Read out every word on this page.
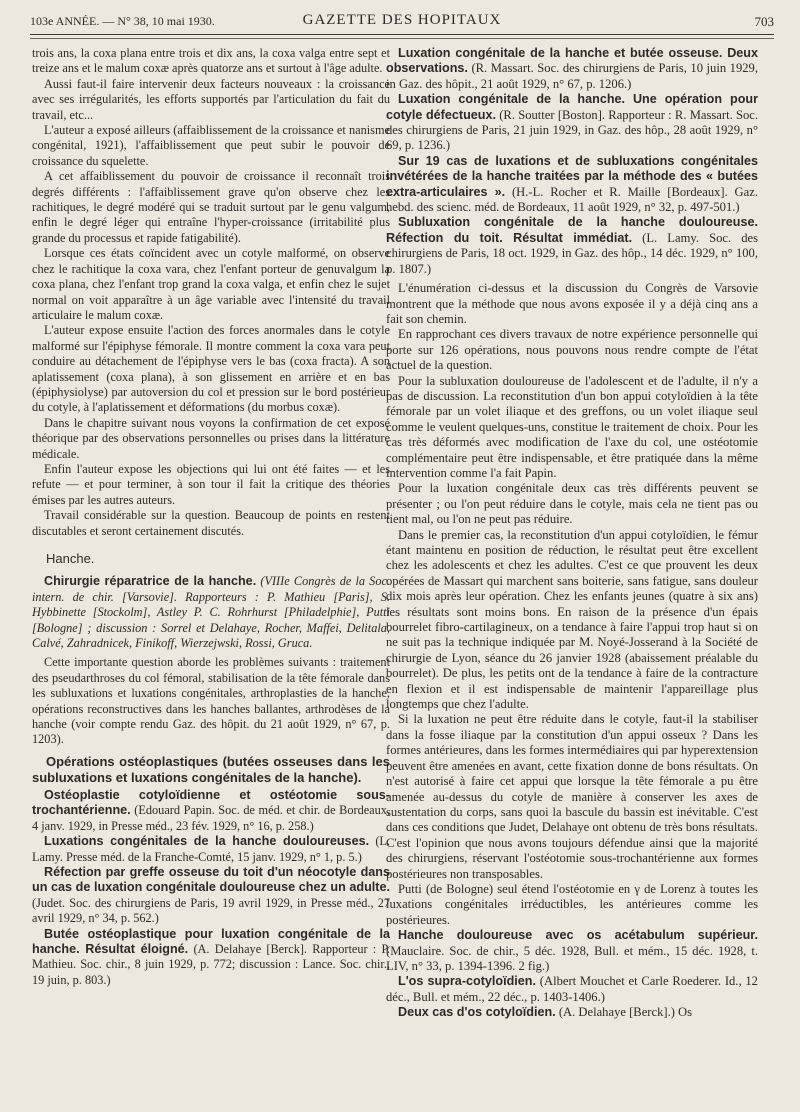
103e ANNÉE. — N° 38, 10 mai 1930.	GAZETTE DES HOPITAUX	703

trois ans, la coxa plana entre trois et dix ans, la coxa valga entre sept et treize ans et le malum coxæ après quatorze ans et surtout à l'âge adulte.

Aussi faut-il faire intervenir deux facteurs nouveaux : la croissance avec ses irrégularités, les efforts supportés par l'articulation du fait du travail, etc...

L'auteur a exposé ailleurs (affaiblissement de la croissance et nanisme congénital, 1921), l'affaiblissement que peut subir le pouvoir de croissance du squelette.

A cet affaiblissement du pouvoir de croissance il reconnaît trois degrés différents : l'affaiblissement grave qu'on observe chez les rachitiques, le degré modéré qui se traduit surtout par le genu valgum, enfin le degré léger qui entraîne l'hyper-croissance (irritabilité plus grande du processus et rapide fatigabilité).

Lorsque ces états coïncident avec un cotyle malformé, on observe chez le rachitique la coxa vara, chez l'enfant porteur de genuvalgum la coxa plana, chez l'enfant trop grand la coxa valga, et enfin chez le sujet normal on voit apparaître à un âge variable avec l'intensité du travail articulaire le malum coxæ.

L'auteur expose ensuite l'action des forces anormales dans le cotyle malformé sur l'épiphyse fémorale. Il montre comment la coxa vara peut conduire au détachement de l'épiphyse vers le bas (coxa fracta). A son aplatissement (coxa plana), à son glissement en arrière et en bas (épiphysiolyse) par autoversion du col et pression sur le bord postérieur du cotyle, à l'aplatissement et déformations (du morbus coxæ).

Dans le chapitre suivant nous voyons la confirmation de cet exposé théorique par des observations personnelles ou prises dans la littérature médicale.

Enfin l'auteur expose les objections qui lui ont été faites — et les refute — et pour terminer, à son tour il fait la critique des théories émises par les autres auteurs.

Travail considérable sur la question. Beaucoup de points en restent discutables et seront certainement discutés.

Hanche.

Chirurgie réparatrice de la hanche. (VIIIe Congrès de la Soc. intern. de chir. [Varsovie]. Rapporteurs : P. Mathieu [Paris], S. Hybbinette [Stockolm], Astley P. C. Rohrhurst [Philadelphie], Putti [Bologne] ; discussion : Sorrel et Delahaye, Rocher, Maffei, Delitala, Calvé, Zahradnicek, Finikoff, Wierzejwski, Rossi, Gruca.

Cette importante question aborde les problèmes suivants : traitement des pseudarthroses du col fémoral, stabilisation de la tête fémorale dans les subluxations et luxations congénitales, arthroplasties de la hanche, opérations reconstructives dans les hanches ballantes, arthrodèses de la hanche (voir compte rendu Gaz. des hôpit. du 21 août 1929, n° 67, p. 1203).

Opérations ostéoplastiques (butées osseuses dans les subluxations et luxations congénitales de la hanche).

Ostéoplastie cotyloïdienne et ostéotomie sous-trochantérienne. (Edouard Papin. Soc. de méd. et chir. de Bordeaux, 4 janv. 1929, in Presse méd., 23 fév. 1929, n° 16, p. 258.)

Luxations congénitales de la hanche douloureuses. (L. Lamy. Presse méd. de la Franche-Comté, 15 janv. 1929, n° 1, p. 5.)

Réfection par greffe osseuse du toit d'un néocotyle dans un cas de luxation congénitale douloureuse chez un adulte. (Judet. Soc. des chirurgiens de Paris, 19 avril 1929, in Presse méd., 27 avril 1929, n° 34, p. 562.)

Butée ostéoplastique pour luxation congénitale de la hanche. Résultat éloigné. (A. Delahaye [Berck]. Rapporteur : P. Mathieu. Soc. chir., 8 juin 1929, p. 772; discussion : Lance. Soc. chir., 19 juin, p. 803.)

Luxation congénitale de la hanche et butée osseuse. Deux observations. (R. Massart. Soc. des chirurgiens de Paris, 10 juin 1929, in Gaz. des hôpit., 21 août 1929, n° 67, p. 1206.)

Luxation congénitale de la hanche. Une opération pour cotyle défectueux. (R. Soutter [Boston]. Rapporteur : R. Massart. Soc. des chirurgiens de Paris, 21 juin 1929, in Gaz. des hôp., 28 août 1929, n° 69, p. 1236.)

Sur 19 cas de luxations et de subluxations congénitales invétérées de la hanche traitées par la méthode des « butées extra-articulaires ». (H.-L. Rocher et R. Maille [Bordeaux]. Gaz. hebd. des scienc. méd. de Bordeaux, 11 août 1929, n° 32, p. 497-501.)

Subluxation congénitale de la hanche douloureuse. Réfection du toit. Résultat immédiat. (L. Lamy. Soc. des chirurgiens de Paris, 18 oct. 1929, in Gaz. des hôp., 14 déc. 1929, n° 100, p. 1807.)

L'énumération ci-dessus et la discussion du Congrès de Varsovie montrent que la méthode que nous avons exposée il y a déjà cinq ans a fait son chemin.

En rapprochant ces divers travaux de notre expérience personnelle qui porte sur 126 opérations, nous pouvons nous rendre compte de l'état actuel de la question.

Pour la subluxation douloureuse de l'adolescent et de l'adulte, il n'y a pas de discussion. La reconstitution d'un bon appui cotyloïdien à la tête fémorale par un volet iliaque et des greffons, ou un volet iliaque seul comme le veulent quelques-uns, constitue le traitement de choix. Pour les cas très déformés avec modification de l'axe du col, une ostéotomie complémentaire peut être indispensable, et être pratiquée dans la même intervention comme l'a fait Papin.

Pour la luxation congénitale deux cas très différents peuvent se présenter ; ou l'on peut réduire dans le cotyle, mais cela ne tient pas ou tient mal, ou l'on ne peut pas réduire.

Dans le premier cas, la reconstitution d'un appui cotyloïdien, le fémur étant maintenu en position de réduction, le résultat peut être excellent chez les adolescents et chez les adultes. C'est ce que prouvent les deux opérées de Massart qui marchent sans boiterie, sans fatigue, sans douleur dix mois après leur opération. Chez les enfants jeunes (quatre à six ans) les résultats sont moins bons. En raison de la présence d'un épais bourrelet fibro-cartilagineux, on a tendance à faire l'appui trop haut si on ne suit pas la technique indiquée par M. Noyé-Josserand à la Société de chirurgie de Lyon, séance du 26 janvier 1928 (abaissement préalable du bourrelet). De plus, les petits ont de la tendance à faire de la contracture en flexion et il est indispensable de maintenir l'appareillage plus longtemps que chez l'adulte.

Si la luxation ne peut être réduite dans le cotyle, faut-il la stabiliser dans la fosse iliaque par la constitution d'un appui osseux ? Dans les formes antérieures, dans les formes intermédiaires qui par hyperextension peuvent être amenées en avant, cette fixation donne de bons résultats. On n'est autorisé à faire cet appui que lorsque la tête fémorale a pu être amenée au-dessus du cotyle de manière à conserver les axes de sustentation du corps, sans quoi la bascule du bassin est inévitable. C'est dans ces conditions que Judet, Delahaye ont obtenu de très bons résultats. C'est l'opinion que nous avons toujours défendue ainsi que la majorité des chirurgiens, réservant l'ostéotomie sous-trochantérienne aux formes postérieures non transposables.

Putti (de Bologne) seul étend l'ostéotomie en γ de Lorenz à toutes les luxations congénitales irréductibles, les antérieures comme les postérieures.

Hanche douloureuse avec os acétabulum supérieur. (Mauclaire. Soc. de chir., 5 déc. 1928, Bull. et mém., 15 déc. 1928, t. LIV, n° 33, p. 1394-1396. 2 fig.)

L'os supra-cotyloïdien. (Albert Mouchet et Carle Roederer. Id., 12 déc., Bull. et mém., 22 déc., p. 1403-1406.)

Deux cas d'os cotyloïdien. (A. Delahaye [Berck].) Os
